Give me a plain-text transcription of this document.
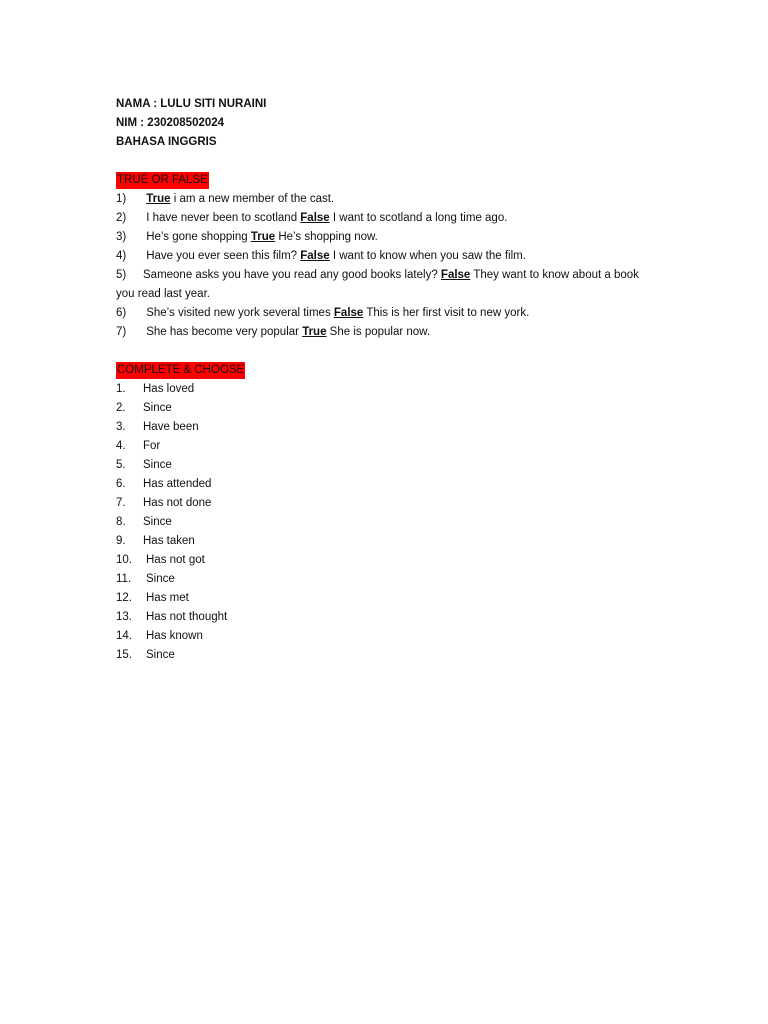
NAMA : LULU SITI NURAINI
NIM : 230208502024
BAHASA INGGRIS
TRUE OR FALSE
1) True i am a new member of the cast.
2) I have never been to scotland False I want to scotland a long time ago.
3) He’s gone shopping True He’s shopping now.
4) Have you ever seen this film? False I want to know when you saw the film.
5) Sameone asks you have you read any good books lately? False They want to know about a book you read last year.
6) She’s visited new york several times False This is her first visit to new york.
7) She has become very popular True She is popular now.
COMPLETE & CHOOSE
1. Has loved
2. Since
3. Have been
4. For
5. Since
6. Has attended
7. Has not done
8. Since
9. Has taken
10. Has not got
11. Since
12. Has met
13. Has not thought
14. Has known
15. Since
